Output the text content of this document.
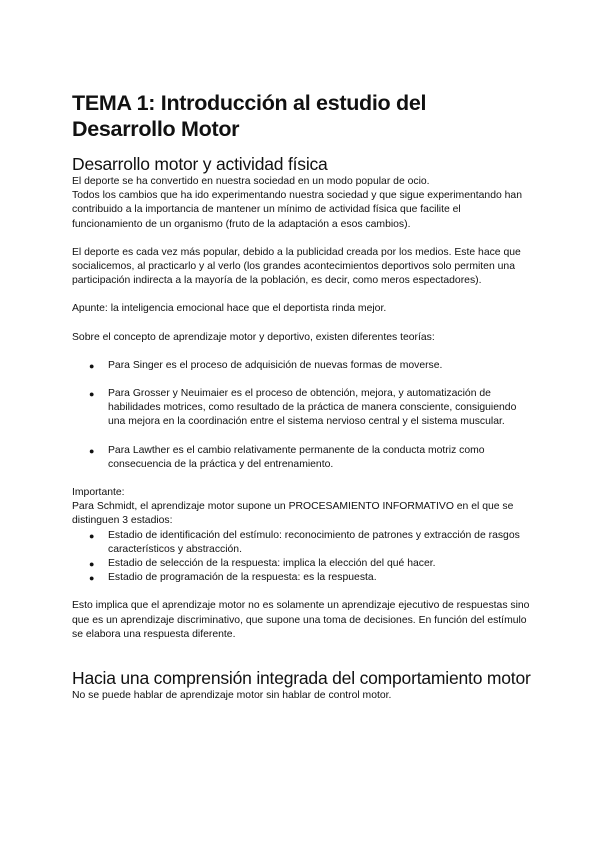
TEMA 1: Introducción al estudio del Desarrollo Motor
Desarrollo motor y actividad física

El deporte se ha convertido en nuestra sociedad en un modo popular de ocio.

Todos los cambios que ha ido experimentando nuestra sociedad y que sigue experimentando han contribuido a la importancia de mantener un mínimo de actividad física que facilite el funcionamiento de un organismo (fruto de la adaptación a esos cambios).

El deporte es cada vez más popular, debido a la publicidad creada por los medios. Este hace que socialicemos, al practicarlo y al verlo (los grandes acontecimientos deportivos solo permiten una participación indirecta a la mayoría de la población, es decir, como meros espectadores).

Apunte: la inteligencia emocional hace que el deportista rinda mejor.

Sobre el concepto de aprendizaje motor y deportivo, existen diferentes teorías:

● Para Singer es el proceso de adquisición de nuevas formas de moverse.
● Para Grosser y Neuimaier es el proceso de obtención, mejora, y automatización de habilidades motrices, como resultado de la práctica de manera consciente, consiguiendo una mejora en la coordinación entre el sistema nervioso central y el sistema muscular.
● Para Lawther es el cambio relativamente permanente de la conducta motriz como consecuencia de la práctica y del entrenamiento.

Importante:

Para Schmidt, el aprendizaje motor supone un PROCESAMIENTO INFORMATIVO en el que se distinguen 3 estadios:

● Estadio de identificación del estímulo: reconocimiento de patrones y extracción de rasgos característicos y abstracción.
● Estadio de selección de la respuesta: implica la elección del qué hacer.
● Estadio de programación de la respuesta: es la respuesta.

Esto implica que el aprendizaje motor no es solamente un aprendizaje ejecutivo de respuestas sino que es un aprendizaje discriminativo, que supone una toma de decisiones. En función del estímulo se elabora una respuesta diferente.

Hacia una comprensión integrada del comportamiento motor

No se puede hablar de aprendizaje motor sin hablar de control motor.
